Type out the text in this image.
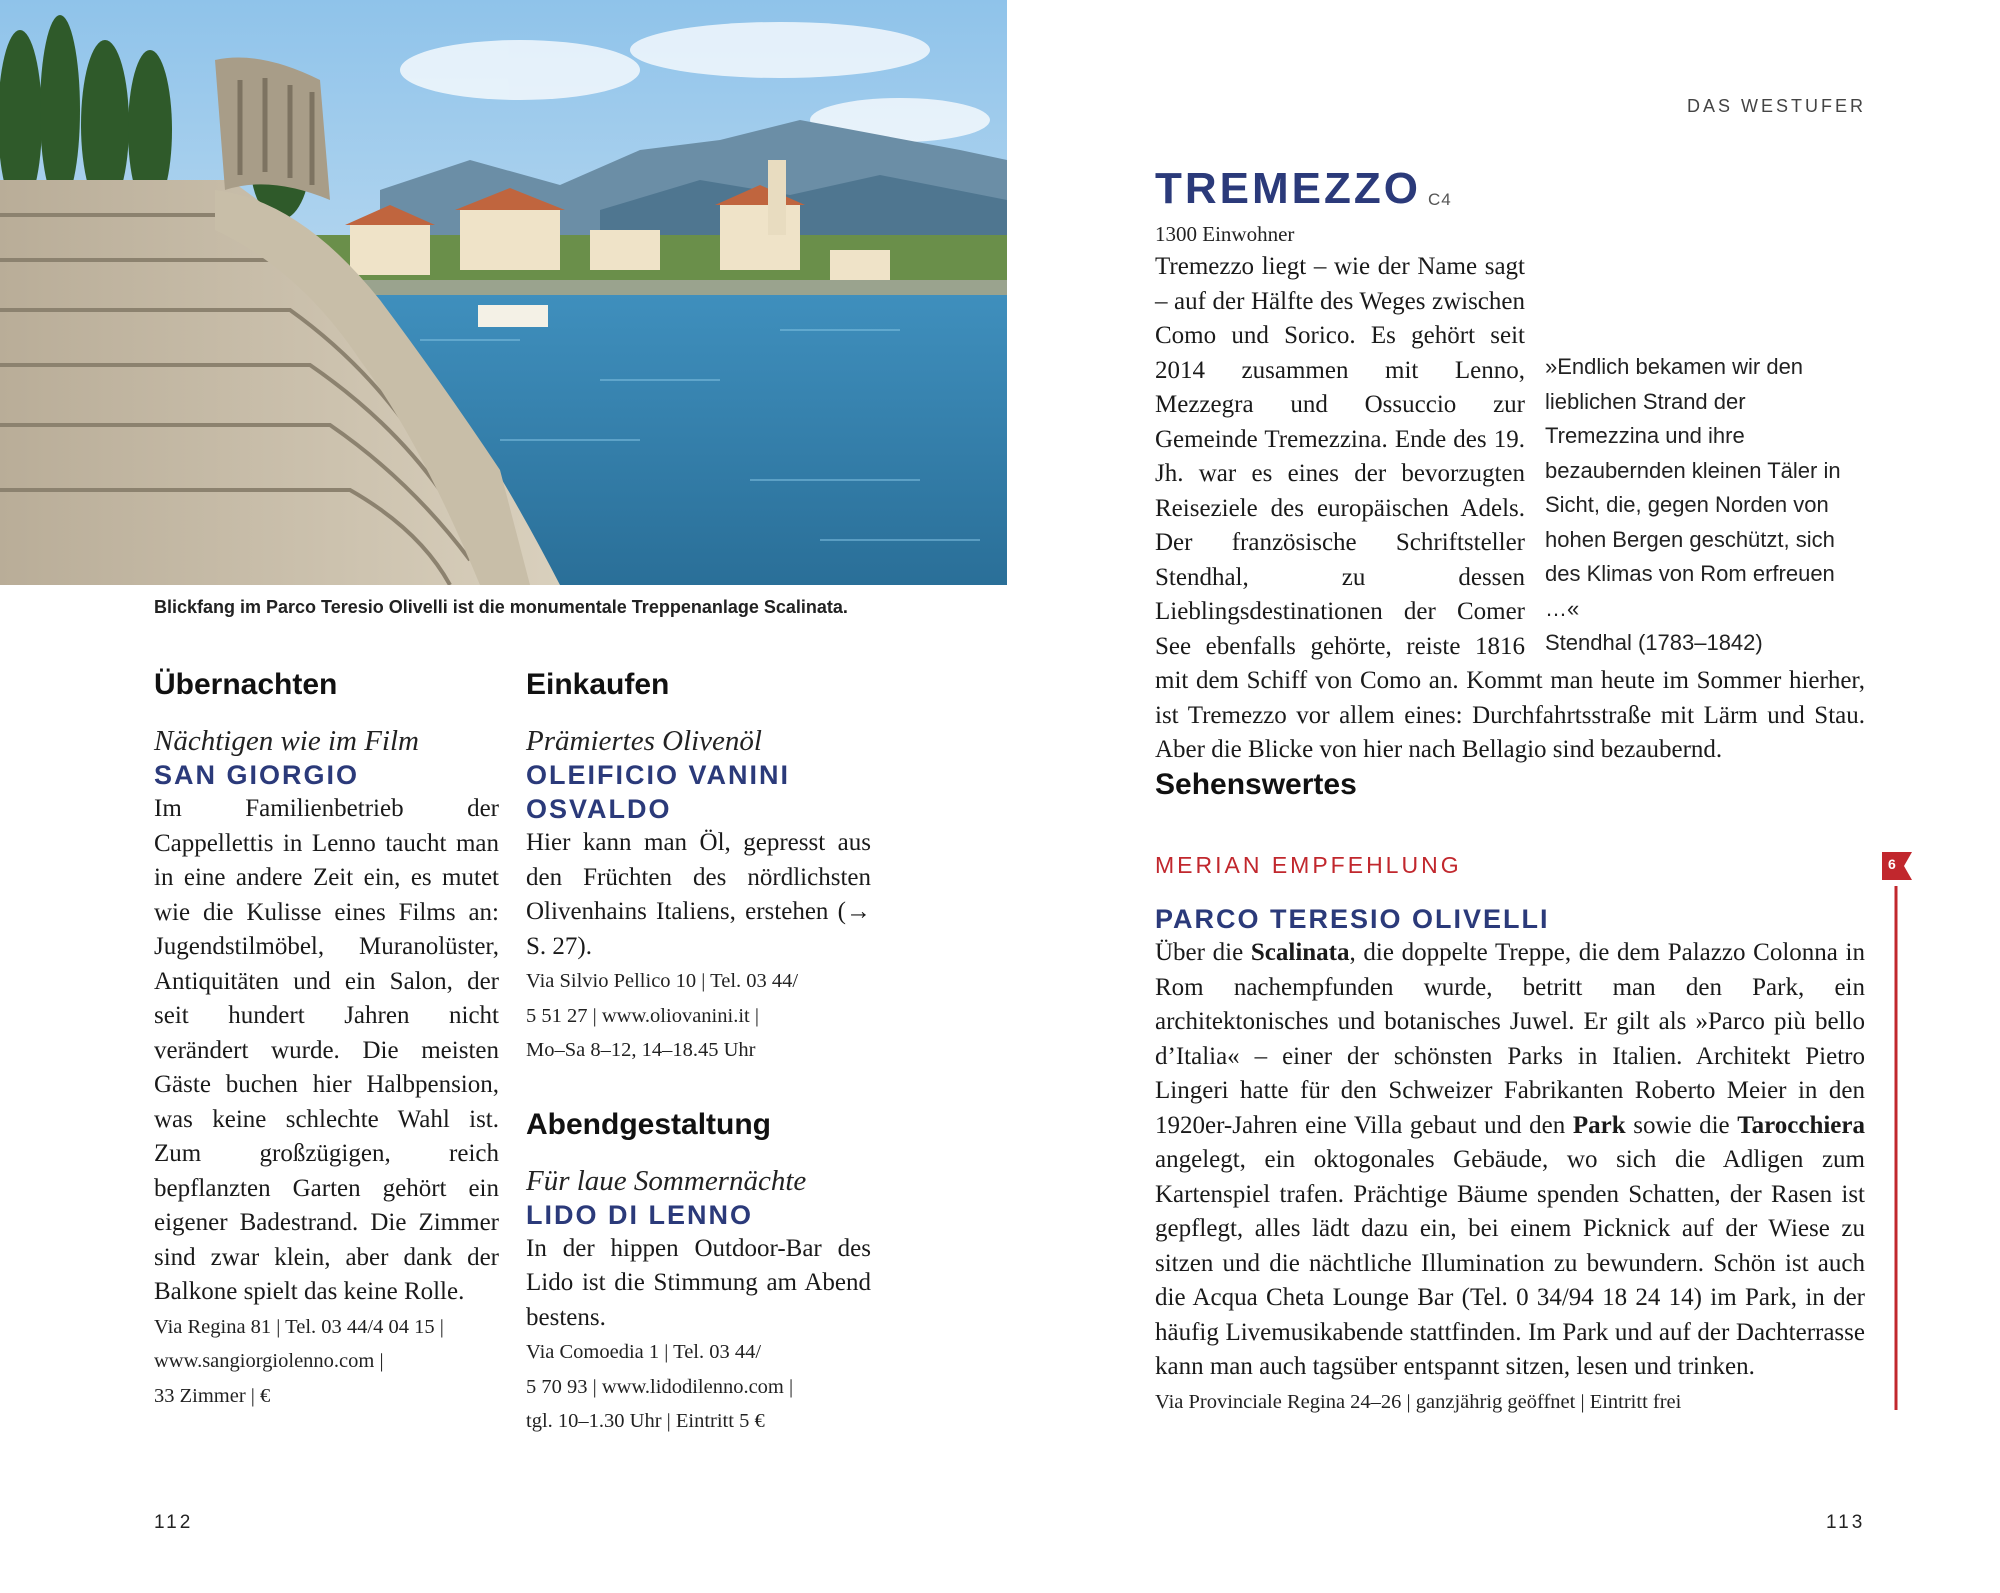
Blickfang im Parco Teresio Olivelli ist die monumentale Treppenanlage Scalinata.
Übernachten
Nächtigen wie im Film
SAN GIORGIO
Im Familienbetrieb der Cappellettis in Lenno taucht man in eine andere Zeit ein, es mutet wie die Kulisse eines Films an: Jugendstilmöbel, Muranolüster, Antiquitäten und ein Salon, der seit hundert Jahren nicht verändert wurde. Die meisten Gäste buchen hier Halbpension, was keine schlechte Wahl ist. Zum großzügigen, reich bepflanzten Garten gehört ein eigener Badestrand. Die Zimmer sind zwar klein, aber dank der Balkone spielt das keine Rolle.
Via Regina 81 | Tel. 03 44/4 04 15 |
www.sangiorgiolenno.com |
33 Zimmer | €
Einkaufen
Prämiertes Olivenöl
OLEIFICIO VANINI
OSVALDO
Hier kann man Öl, gepresst aus den Früchten des nördlichsten Olivenhains Italiens, erstehen (→ S. 27).
Via Silvio Pellico 10 | Tel. 03 44/
5 51 27 | www.oliovanini.it |
Mo–Sa 8–12, 14–18.45 Uhr
Abendgestaltung
Für laue Sommernächte
LIDO DI LENNO
In der hippen Outdoor-Bar des Lido ist die Stimmung am Abend bestens.
Via Comoedia 1 | Tel. 03 44/
5 70 93 | www.lidodilenno.com |
tgl. 10–1.30 Uhr | Eintritt 5 €
112
DAS WESTUFER
TREMEZZO C4
1300 Einwohner
»Endlich bekamen wir den lieblichen Strand der Tremezzina und ihre bezaubernden kleinen Täler in Sicht, die, gegen Norden von hohen Bergen geschützt, sich des Klimas von Rom erfreuen …«
Stendhal (1783–1842)
Tremezzo liegt – wie der Name sagt – auf der Hälfte des Weges zwischen Como und Sorico. Es gehört seit 2014 zusammen mit Lenno, Mezzegra und Ossuccio zur Gemeinde Tremezzina. Ende des 19. Jh. war es eines der bevorzugten Reiseziele des europäischen Adels. Der französische Schriftsteller Stendhal, zu dessen Lieblingsdestinationen der Comer See ebenfalls gehörte, reiste 1816 mit dem Schiff von Como an. Kommt man heute im Sommer hierher, ist Tremezzo vor allem eines: Durchfahrtsstraße mit Lärm und Stau. Aber die Blicke von hier nach Bellagio sind bezaubernd.
Sehenswertes
MERIAN EMPFEHLUNG	6
PARCO TERESIO OLIVELLI
Über die Scalinata, die doppelte Treppe, die dem Palazzo Colonna in Rom nachempfunden wurde, betritt man den Park, ein architektonisches und botanisches Juwel. Er gilt als »Parco più bello d’Italia« – einer der schönsten Parks in Italien. Architekt Pietro Lingeri hatte für den Schweizer Fabrikanten Roberto Meier in den 1920er-Jahren eine Villa gebaut und den Park sowie die Tarocchiera angelegt, ein oktogonales Gebäude, wo sich die Adligen zum Kartenspiel trafen. Prächtige Bäume spenden Schatten, der Rasen ist gepflegt, alles lädt dazu ein, bei einem Picknick auf der Wiese zu sitzen und die nächtliche Illumination zu bewundern. Schön ist auch die Acqua Cheta Lounge Bar (Tel. 0 34/94 18 24 14) im Park, in der häufig Livemusikabende stattfinden. Im Park und auf der Dachterrasse kann man auch tagsüber entspannt sitzen, lesen und trinken.
Via Provinciale Regina 24–26 | ganzjährig geöffnet | Eintritt frei
113
